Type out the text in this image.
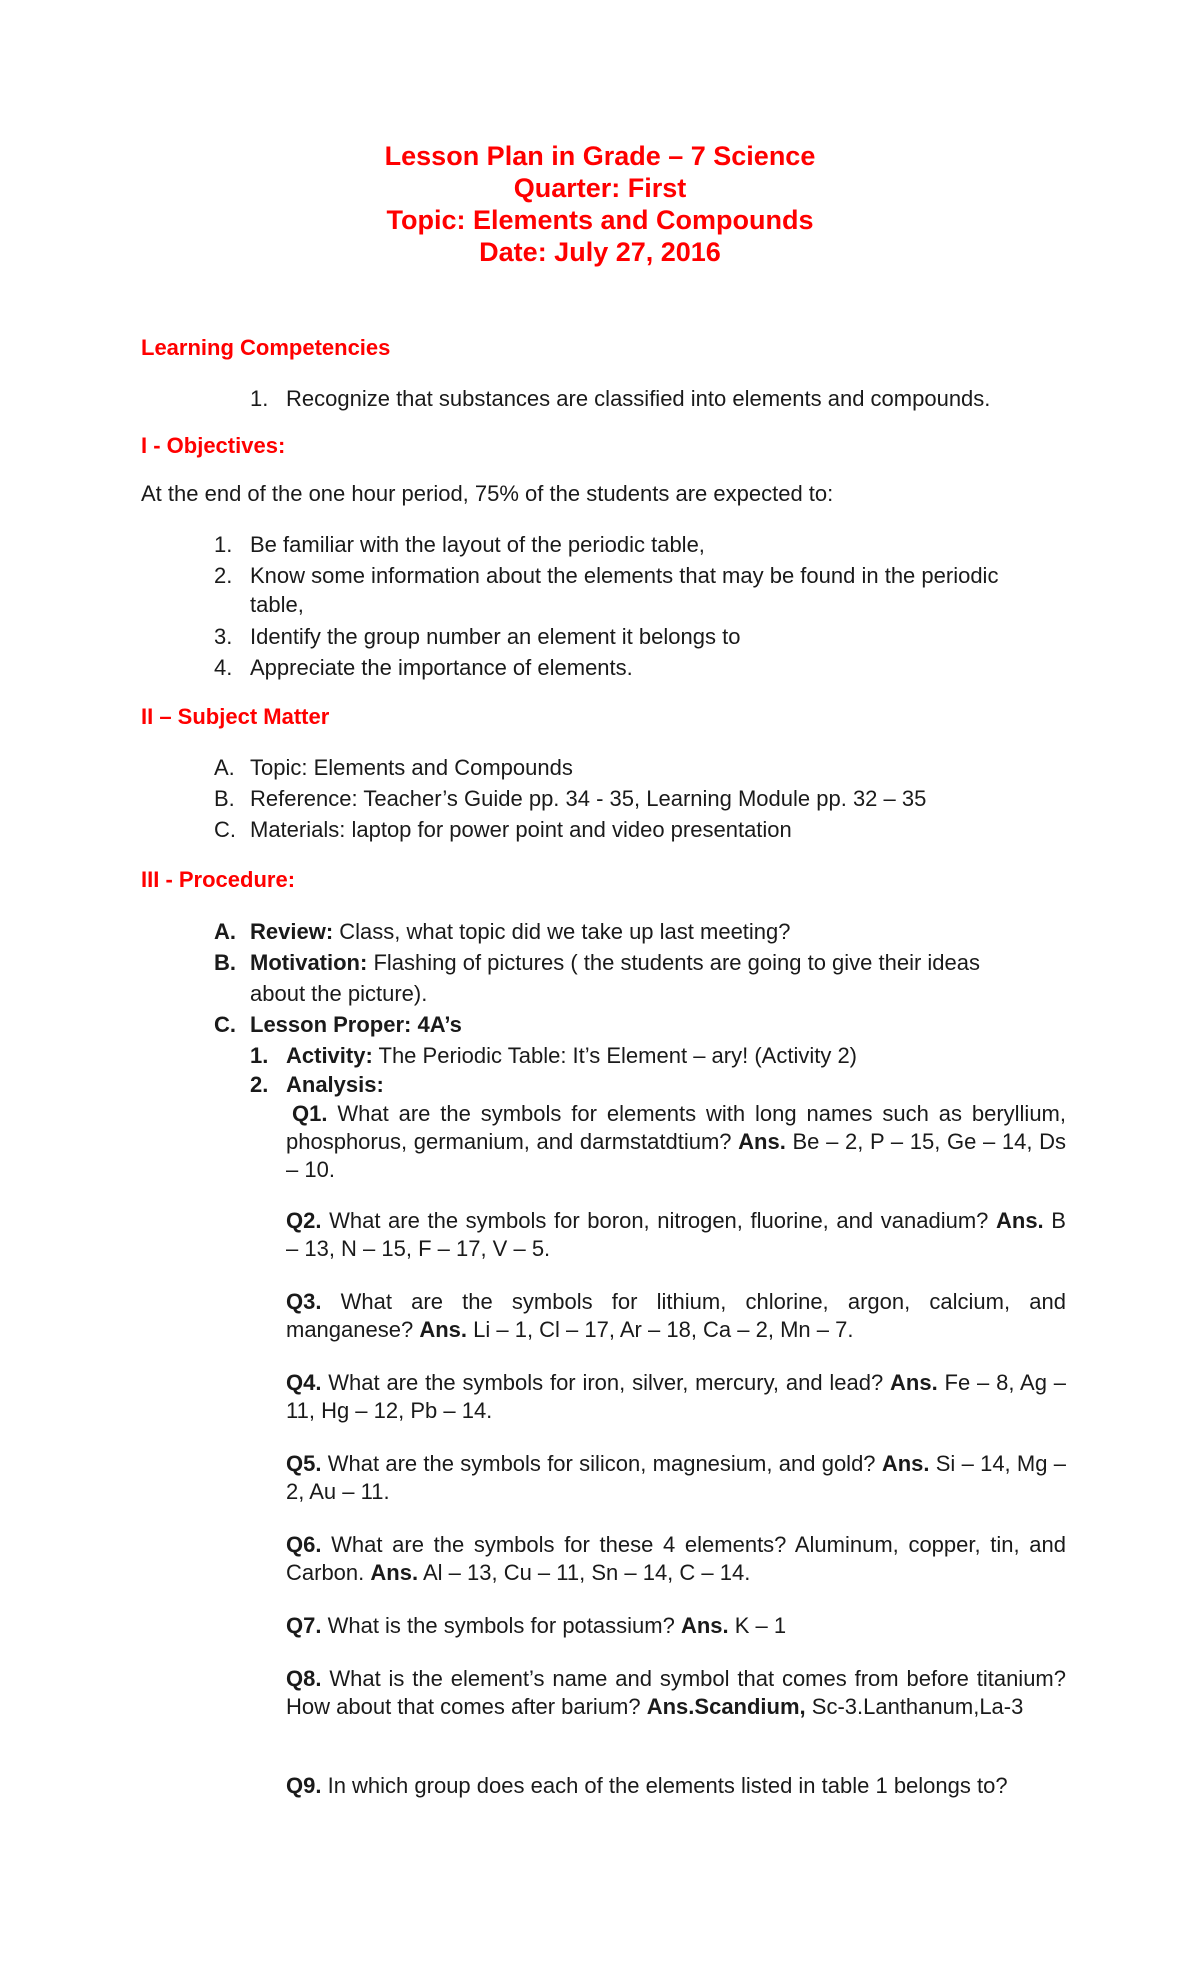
Lesson Plan in Grade – 7 Science
Quarter: First
Topic: Elements and Compounds
Date: July 27, 2016
Learning Competencies
1. Recognize that substances are classified into elements and compounds.
I - Objectives:
At the end of the one hour period, 75% of the students are expected to:
1. Be familiar with the layout of the periodic table,
2. Know some information about the elements that may be found in the periodic
table,
3. Identify the group number an element it belongs to
4. Appreciate the importance of elements.
II – Subject Matter
A. Topic: Elements and Compounds
B. Reference: Teacher’s Guide pp. 34 - 35, Learning Module pp. 32 – 35
C. Materials: laptop for power point and video presentation
III - Procedure:
A. Review: Class, what topic did we take up last meeting?
B. Motivation: Flashing of pictures ( the students are going to give their ideas
about the picture).
C. Lesson Proper: 4A’s
1. Activity: The Periodic Table: It’s Element – ary! (Activity 2)
2. Analysis:
Q1. What are the symbols for elements with long names such as beryllium, phosphorus, germanium, and darmstatdtium? Ans. Be – 2, P – 15, Ge – 14, Ds – 10.
Q2. What are the symbols for boron, nitrogen, fluorine, and vanadium? Ans. B – 13, N – 15, F – 17, V – 5.
Q3. What are the symbols for lithium, chlorine, argon, calcium, and manganese? Ans. Li – 1, Cl – 17, Ar – 18, Ca – 2, Mn – 7.
Q4. What are the symbols for iron, silver, mercury, and lead? Ans. Fe – 8, Ag – 11, Hg – 12, Pb – 14.
Q5. What are the symbols for silicon, magnesium, and gold? Ans. Si – 14, Mg – 2, Au – 11.
Q6. What are the symbols for these 4 elements? Aluminum, copper, tin, and Carbon. Ans. Al – 13, Cu – 11, Sn – 14, C – 14.
Q7. What is the symbols for potassium? Ans. K – 1
Q8. What is the element’s name and symbol that comes from before titanium? How about that comes after barium? Ans.Scandium, Sc-3.Lanthanum,La-3
Q9. In which group does each of the elements listed in table 1 belongs to?
